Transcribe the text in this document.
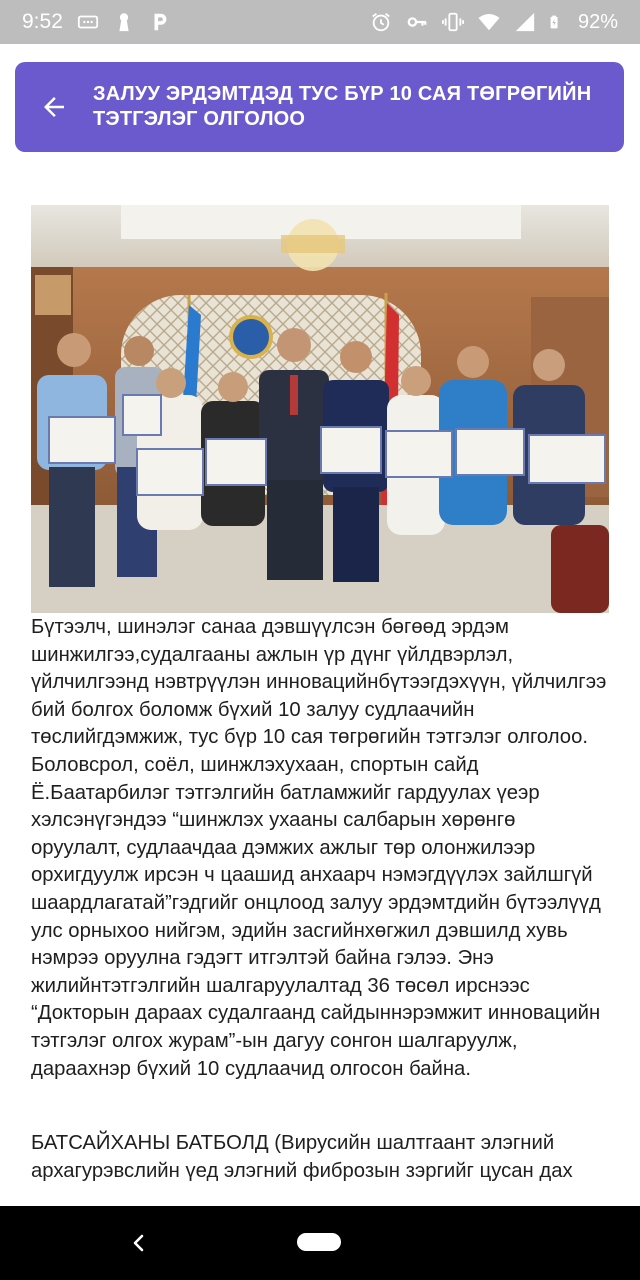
9:52	92%
ЗАЛУУ ЭРДЭМТДЭД ТУС БҮР 10 САЯ ТӨГРӨГИЙН ТЭТГЭЛЭГ ОЛГОЛОО

Бүтээлч, шинэлэг санаа дэвшүүлсэн бөгөөд эрдэм шинжилгээ,судалгааны ажлын үр дүнг үйлдвэрлэл, үйлчилгээнд нэвтрүүлэн инновацийнбүтээгдэхүүн, үйлчилгээ бий болгох боломж бүхий 10 залуу судлаачийн төслийгдэмжиж, тус бүр 10 сая төгрөгийн тэтгэлэг олголоо. Боловсрол, соёл, шинжлэхухаан, спортын сайд Ё.Баатарбилэг тэтгэлгийн батламжийг гардуулах үеэр хэлсэнүгэндээ “шинжлэх ухааны салбарын хөрөнгө оруулалт, судлаачдаа дэмжих ажлыг төр олонжилээр орхигдуулж ирсэн ч цаашид анхаарч нэмэгдүүлэх зайлшгүй шаардлагатай”гэдгийг онцлоод залуу эрдэмтдийн бүтээлүүд улс орныхоо нийгэм, эдийн засгийнхөгжил дэвшилд хувь нэмрээ оруулна гэдэгт итгэлтэй байна гэлээ. Энэ жилийнтэтгэлгийн шалгаруулалтад 36 төсөл ирснээс “Докторын дараах судалгаанд сайдыннэрэмжит инновацийн тэтгэлэг олгох журам”-ын дагуу сонгон шалгаруулж, дараахнэр бүхий 10 судлаачид олгосон байна.

БАТСАЙХАНЫ БАТБОЛД (Вирусийн шалтгаант элэгний архагурэвслийн үед элэгний фиброзын зэргийг цусан дах
